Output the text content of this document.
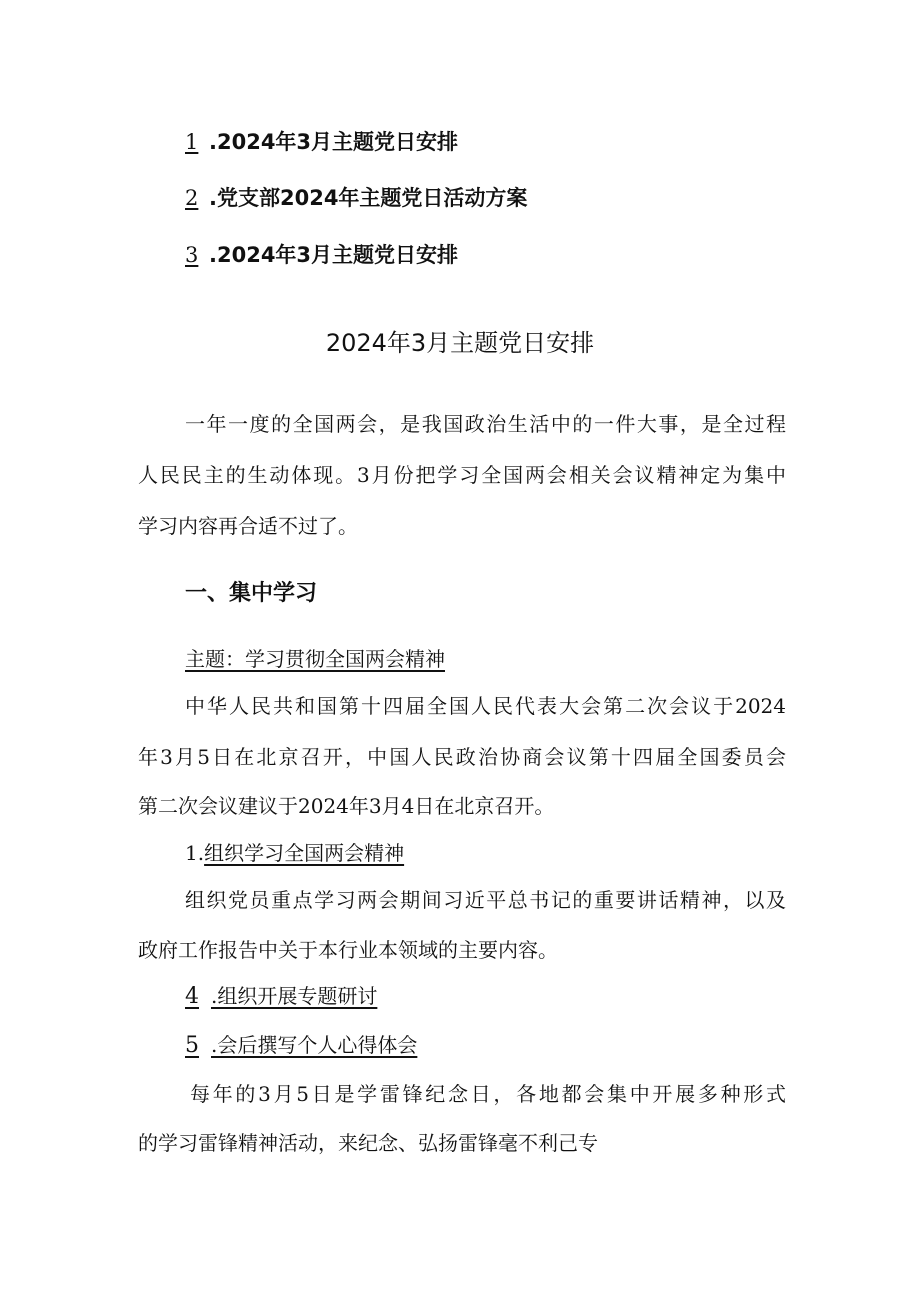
1 .2024年3月主题党日安排

2 .党支部2024年主题党日活动方案

3 .2024年3月主题党日安排

2024年3月主题党日安排

一年一度的全国两会，是我国政治生活中的一件大事，是全过程

人民民主的生动体现。3月份把学习全国两会相关会议精神定为集中

学习内容再合适不过了。

一、集中学习

主题：学习贯彻全国两会精神

中华人民共和国第十四届全国人民代表大会第二次会议于2024

年3月5日在北京召开，中国人民政治协商会议第十四届全国委员会

第二次会议建议于2024年3月4日在北京召开。

1.组织学习全国两会精神

组织党员重点学习两会期间习近平总书记的重要讲话精神，以及

政府工作报告中关于本行业本领域的主要内容。

4 .组织开展专题研讨

5 .会后撰写个人心得体会

每年的3月5日是学雷锋纪念日，各地都会集中开展多种形式

的学习雷锋精神活动，来纪念、弘扬雷锋毫不利己专
